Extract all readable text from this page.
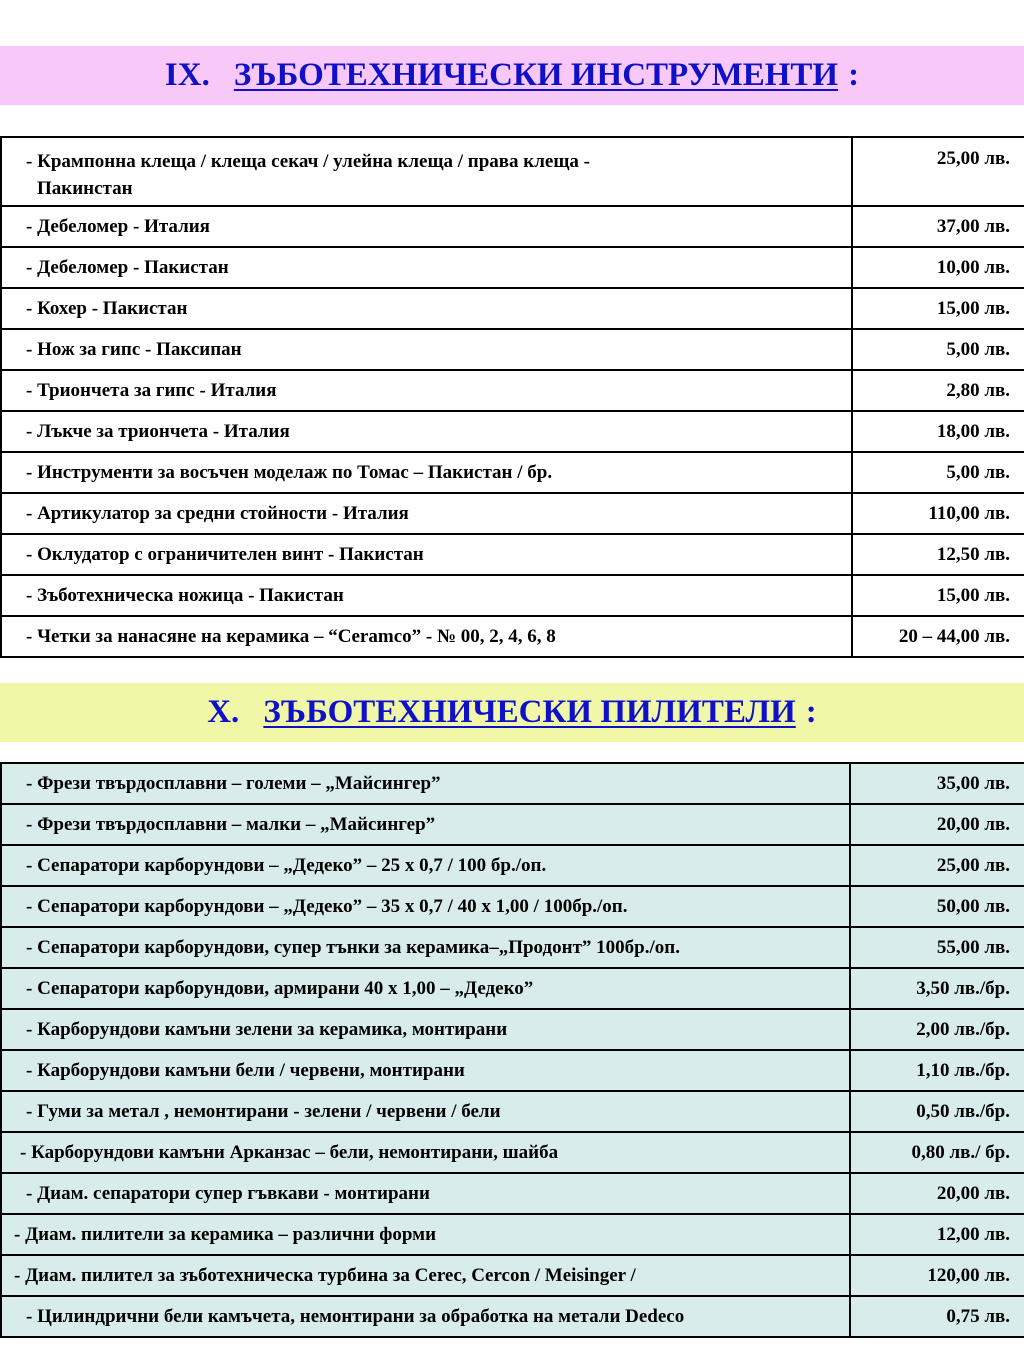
IX. ЗЪБОТЕХНИЧЕСКИ ИНСТРУМЕНТИ :
- Крампонна клеща / клеща секач / улейна клеща / права клеща -
Пакинстан	25,00 лв.
- Дебеломер - Италия	37,00 лв.
- Дебеломер - Пакистан	10,00 лв.
- Кохер - Пакистан	15,00 лв.
- Нож за гипс - Паксипан	5,00 лв.
- Триончета за гипс - Италия	2,80 лв.
- Лъкче за триончета - Италия	18,00 лв.
- Инструменти за восъчен моделаж по Томас – Пакистан / бр.	5,00 лв.
- Артикулатор за средни стойности - Италия	110,00 лв.
- Оклудатор с ограничителен винт - Пакистан	12,50 лв.
- Зъботехническа ножица - Пакистан	15,00 лв.
- Четки за нанасяне на керамика – “Ceramco” - № 00, 2, 4, 6, 8	20 – 44,00 лв.
X. ЗЪБОТЕХНИЧЕСКИ ПИЛИТЕЛИ :
- Фрези твърдосплавни – големи – „Майсингер”	35,00 лв.
- Фрези твърдосплавни – малки – „Майсингер”	20,00 лв.
- Сепаратори карборундови – „Дедеко” – 25 х 0,7 / 100 бр./оп.	25,00 лв.
- Сепаратори карборундови – „Дедеко” – 35 х 0,7 / 40 х 1,00 / 100бр./оп.	50,00 лв.
- Сепаратори карборундови, супер тънки за керамика–„Продонт” 100бр./оп.	55,00 лв.
- Сепаратори карборундови, армирани 40 х 1,00 – „Дедеко”	3,50 лв./бр.
- Карборундови камъни зелени за керамика, монтирани	2,00 лв./бр.
- Карборундови камъни бели / червени, монтирани	1,10 лв./бр.
- Гуми за метал , немонтирани - зелени / червени / бели	0,50 лв./бр.
- Карборундови камъни Арканзас – бели, немонтирани, шайба	0,80 лв./ бр.
- Диам. сепаратори супер гъвкави - монтирани	20,00 лв.
- Диам. пилители за керамика – различни форми	12,00 лв.
- Диам. пилител за зъботехническа турбина за Cerec, Cercon / Meisinger /	120,00 лв.
- Цилиндрични бели камъчета, немонтирани за обработка на метали Dedeco	0,75 лв.
